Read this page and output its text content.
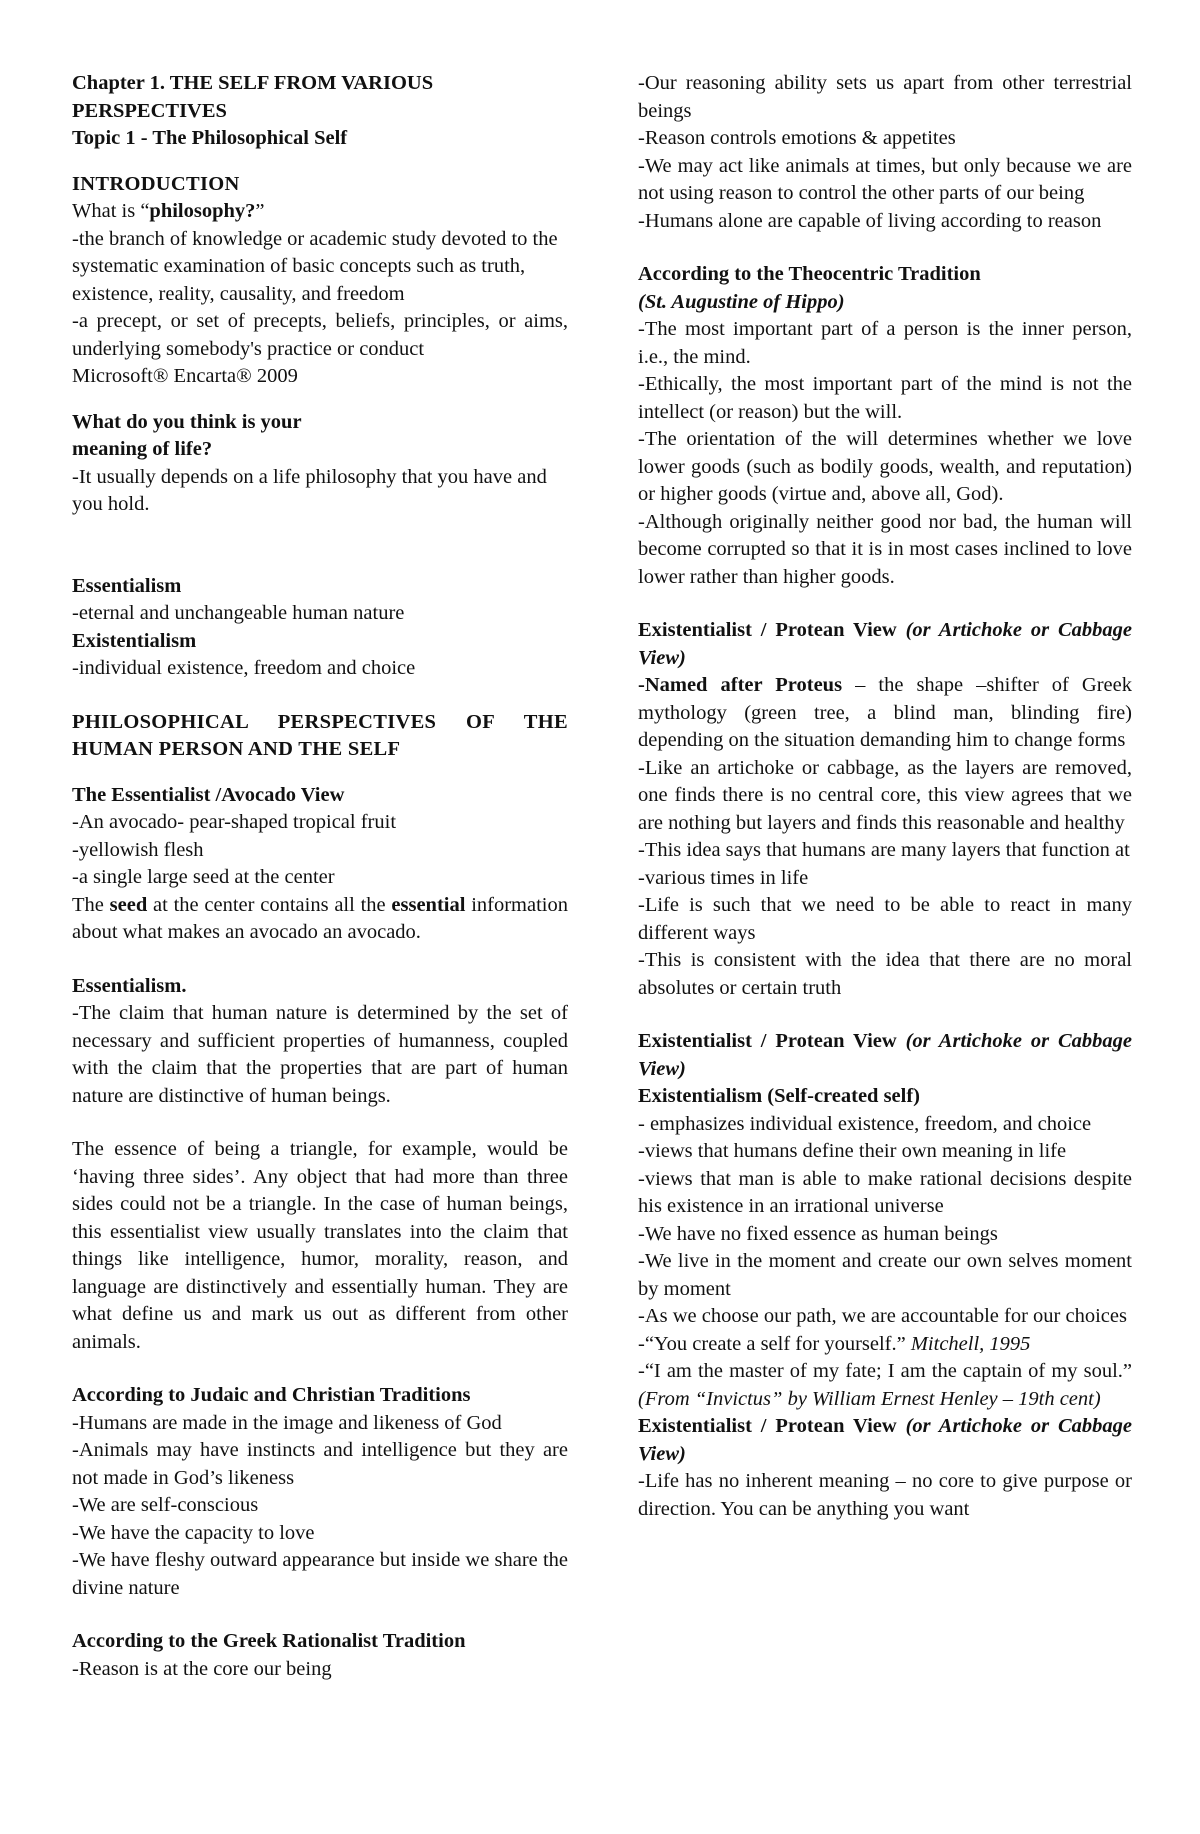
Chapter 1. THE SELF FROM VARIOUS PERSPECTIVES

Topic 1 - The Philosophical Self

INTRODUCTION

What is “philosophy?”

-the branch of knowledge or academic study devoted to the systematic examination of basic concepts such as truth, existence, reality, causality, and freedom

-a precept, or set of precepts, beliefs, principles, or aims, underlying somebody's practice or conduct

Microsoft® Encarta® 2009

What do you think is your meaning of life?

-It usually depends on a life philosophy that you have and you hold.

Essentialism

-eternal and unchangeable human nature

Existentialism

-individual existence, freedom and choice

PHILOSOPHICAL PERSPECTIVES OF THE HUMAN PERSON AND THE SELF

The Essentialist /Avocado View

-An avocado- pear-shaped tropical fruit

-yellowish flesh

-a single large seed at the center

The seed at the center contains all the essential information about what makes an avocado an avocado.

Essentialism.

-The claim that human nature is determined by the set of necessary and sufficient properties of humanness, coupled with the claim that the properties that are part of human nature are distinctive of human beings.

The essence of being a triangle, for example, would be ‘having three sides’. Any object that had more than three sides could not be a triangle. In the case of human beings, this essentialist view usually translates into the claim that things like intelligence, humor, morality, reason, and language are distinctively and essentially human. They are what define us and mark us out as different from other animals.

According to Judaic and Christian Traditions

-Humans are made in the image and likeness of God

-Animals may have instincts and intelligence but they are not made in God’s likeness

-We are self-conscious

-We have the capacity to love

-We have fleshy outward appearance but inside we share the divine nature

According to the Greek Rationalist Tradition

-Reason is at the core our being

-Our reasoning ability sets us apart from other terrestrial beings

-Reason controls emotions & appetites

-We may act like animals at times, but only because we are not using reason to control the other parts of our being

-Humans alone are capable of living according to reason

According to the Theocentric Tradition

(St. Augustine of Hippo)

-The most important part of a person is the inner person, i.e., the mind.

-Ethically, the most important part of the mind is not the intellect (or reason) but the will.

-The orientation of the will determines whether we love lower goods (such as bodily goods, wealth, and reputation) or higher goods (virtue and, above all, God).

-Although originally neither good nor bad, the human will become corrupted so that it is in most cases inclined to love lower rather than higher goods.

Existentialist / Protean View (or Artichoke or Cabbage View)

-Named after Proteus – the shape –shifter of Greek mythology (green tree, a blind man, blinding fire) depending on the situation demanding him to change forms

-Like an artichoke or cabbage, as the layers are removed, one finds there is no central core, this view agrees that we are nothing but layers and finds this reasonable and healthy

-This idea says that humans are many layers that function at

-various times in life

-Life is such that we need to be able to react in many different ways

-This is consistent with the idea that there are no moral absolutes or certain truth

Existentialist / Protean View (or Artichoke or Cabbage View)

Existentialism (Self-created self)

- emphasizes individual existence, freedom, and choice

-views that humans define their own meaning in life

-views that man is able to make rational decisions despite his existence in an irrational universe

-We have no fixed essence as human beings

-We live in the moment and create our own selves moment by moment

-As we choose our path, we are accountable for our choices

-“You create a self for yourself.” Mitchell, 1995

-“I am the master of my fate; I am the captain of my soul.” (From “Invictus” by William Ernest Henley – 19th cent)

Existentialist / Protean View (or Artichoke or Cabbage View)

-Life has no inherent meaning – no core to give purpose or direction. You can be anything you want
